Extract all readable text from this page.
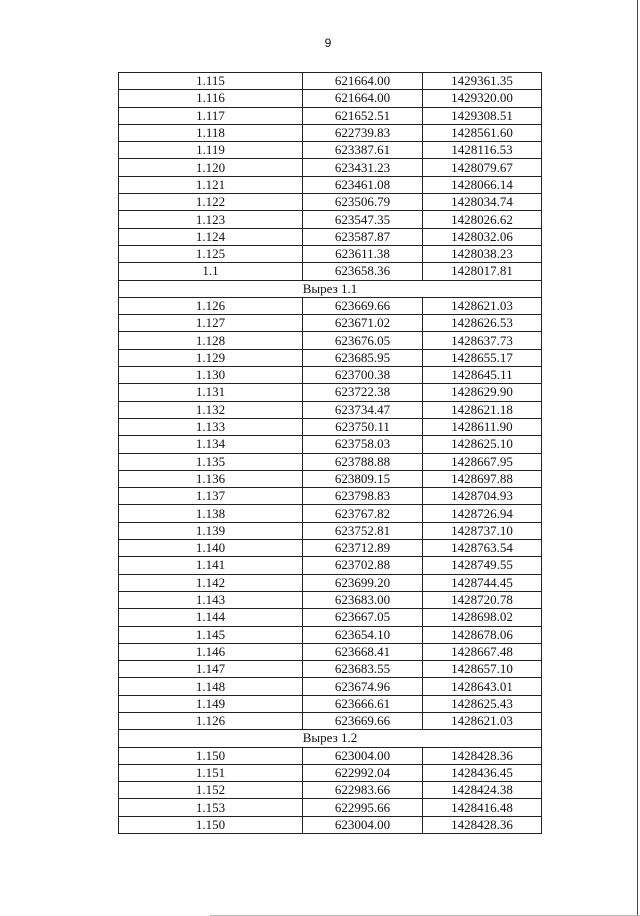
9
1.115	621664.00	1429361.35
1.116	621664.00	1429320.00
1.117	621652.51	1429308.51
1.118	622739.83	1428561.60
1.119	623387.61	1428116.53
1.120	623431.23	1428079.67
1.121	623461.08	1428066.14
1.122	623506.79	1428034.74
1.123	623547.35	1428026.62
1.124	623587.87	1428032.06
1.125	623611.38	1428038.23
1.1	623658.36	1428017.81
Вырез 1.1		
1.126	623669.66	1428621.03
1.127	623671.02	1428626.53
1.128	623676.05	1428637.73
1.129	623685.95	1428655.17
1.130	623700.38	1428645.11
1.131	623722.38	1428629.90
1.132	623734.47	1428621.18
1.133	623750.11	1428611.90
1.134	623758.03	1428625.10
1.135	623788.88	1428667.95
1.136	623809.15	1428697.88
1.137	623798.83	1428704.93
1.138	623767.82	1428726.94
1.139	623752.81	1428737.10
1.140	623712.89	1428763.54
1.141	623702.88	1428749.55
1.142	623699.20	1428744.45
1.143	623683.00	1428720.78
1.144	623667.05	1428698.02
1.145	623654.10	1428678.06
1.146	623668.41	1428667.48
1.147	623683.55	1428657.10
1.148	623674.96	1428643.01
1.149	623666.61	1428625.43
1.126	623669.66	1428621.03
Вырез 1.2		
1.150	623004.00	1428428.36
1.151	622992.04	1428436.45
1.152	622983.66	1428424.38
1.153	622995.66	1428416.48
1.150	623004.00	1428428.36
